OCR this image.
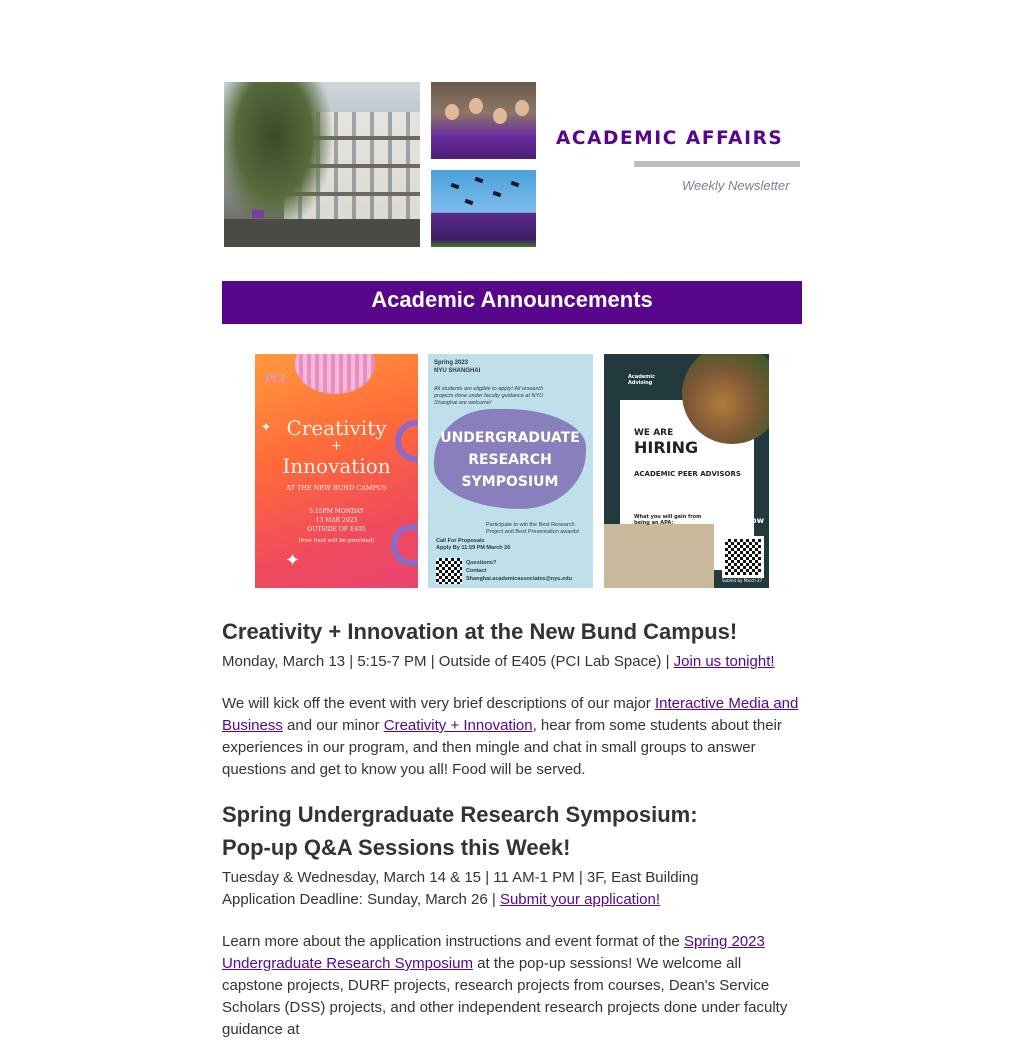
ACADEMIC AFFAIRS
Weekly Newsletter
Academic Announcements
PCI
Creativity
+
Innovation
AT THE NEW BUND CAMPUS
5:15PM MONDAY
13 MAR 2023
OUTSIDE OF E405
(free food will be provided)
✦
✦
Spring 2023
NYU SHANGHAI
All students are eligible to apply! All research projects done under faculty guidance at NYU Shanghai are welcome!
UNDERGRADUATE
RESEARCH
SYMPOSIUM
Participate to win the Best Research Project and Best Presentation awards!
Call For Proposals
Apply By 11:59 PM March 26
Questions?
Contact
Shanghai.academicassociates@nyu.edu
Academic Advising
WE ARE
HIRING
ACADEMIC PEER ADVISORS
What you will gain from being an APA:	Apply Now
Submit by March 27
Creativity + Innovation at the New Bund Campus!
Monday, March 13 | 5:15-7 PM | Outside of E405 (PCI Lab Space) | Join us tonight!
We will kick off the event with very brief descriptions of our major Interactive Media and Business and our minor Creativity + Innovation, hear from some students about their experiences in our program, and then mingle and chat in small groups to answer questions and get to know you all! Food will be served.
Spring Undergraduate Research Symposium:
Pop-up Q&A Sessions this Week!
Tuesday & Wednesday, March 14 & 15 | 11 AM-1 PM | 3F, East Building
Application Deadline: Sunday, March 26 | Submit your application!
Learn more about the application instructions and event format of the Spring 2023 Undergraduate Research Symposium at the pop-up sessions! We welcome all capstone projects, DURF projects, research projects from courses, Dean's Service Scholars (DSS) projects, and other independent research projects done under faculty guidance at
